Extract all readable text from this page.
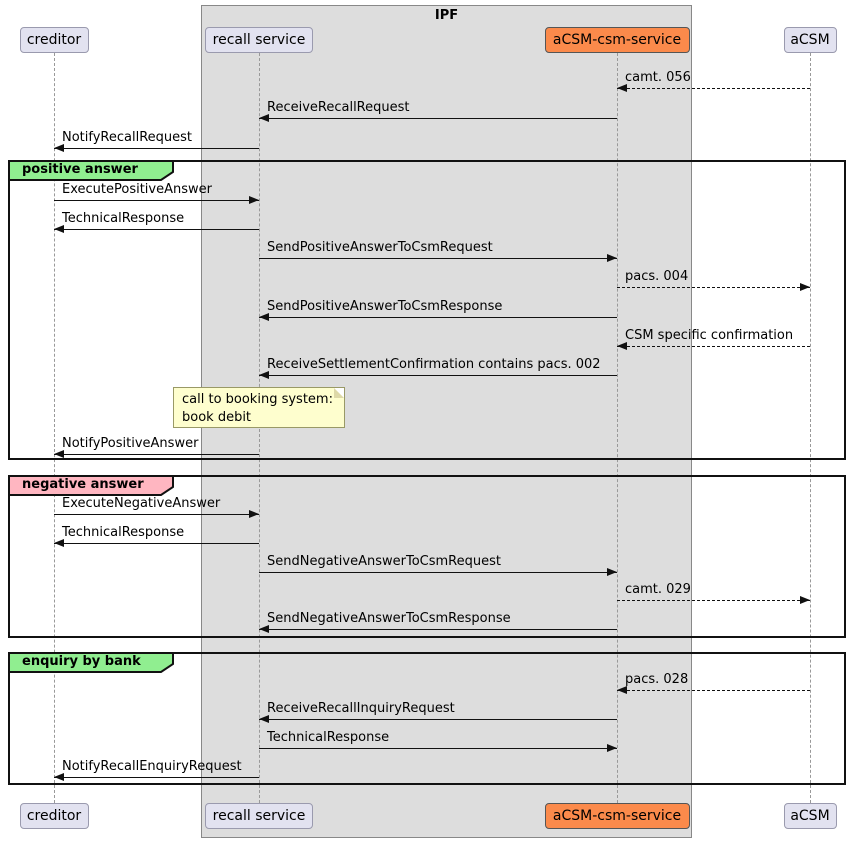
IPF
positive answer
negative answer
enquiry by bank
camt. 056
ReceiveRecallRequest
NotifyRecallRequest
ExecutePositiveAnswer
TechnicalResponse
SendPositiveAnswerToCsmRequest
pacs. 004
SendPositiveAnswerToCsmResponse
CSM specific confirmation
ReceiveSettlementConfirmation contains pacs. 002
NotifyPositiveAnswer
ExecuteNegativeAnswer
TechnicalResponse
SendNegativeAnswerToCsmRequest
camt. 029
SendNegativeAnswerToCsmResponse
pacs. 028
ReceiveRecallInquiryRequest
TechnicalResponse
NotifyRecallEnquiryRequest
creditor	recall service	aCSM-csm-service	aCSM
creditor	recall service	aCSM-csm-service	aCSM
call to booking system:
book debit
